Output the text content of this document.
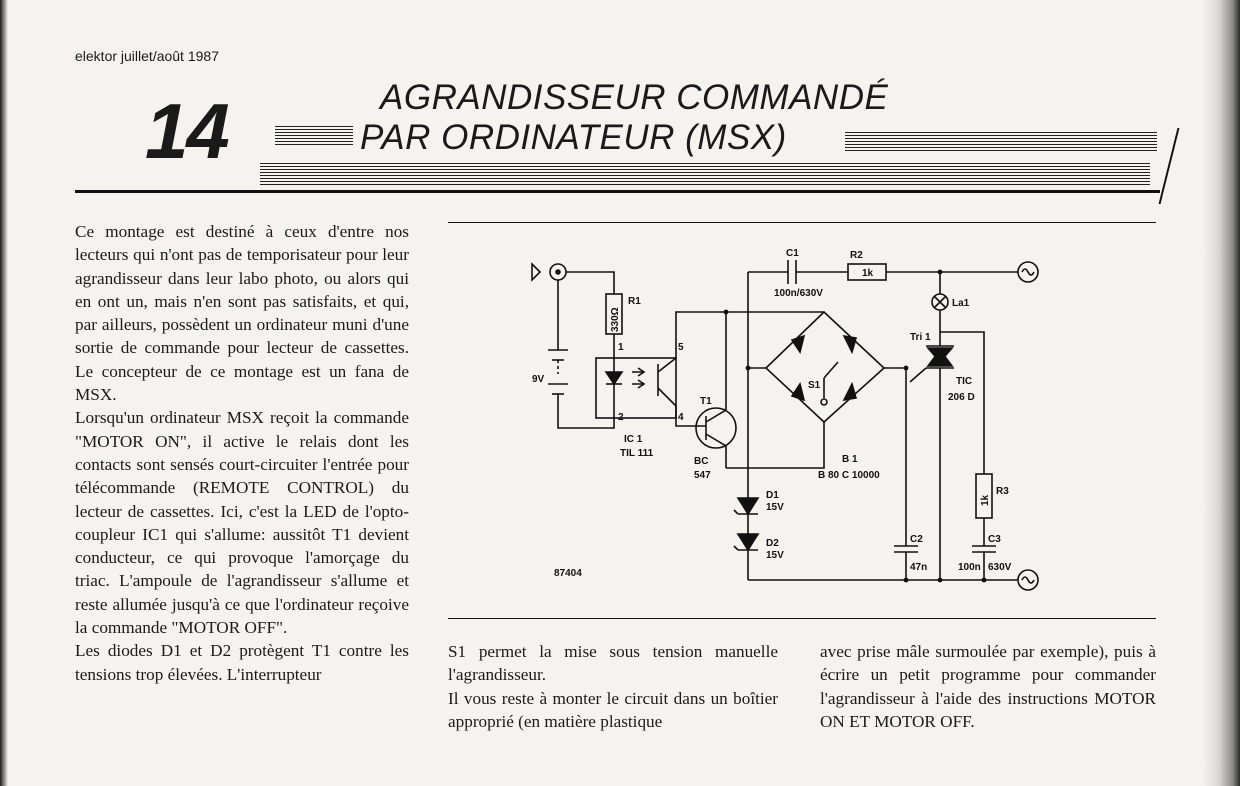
elektor juillet/août 1987
14	AGRANDISSEUR COMMANDÉ
PAR ORDINATEUR (MSX)

Ce montage est destiné à ceux d'entre nos lecteurs qui n'ont pas de temporisateur pour leur agrandisseur dans leur labo photo, ou alors qui en ont un, mais n'en sont pas satisfaits, et qui, par ailleurs, possèdent un ordinateur muni d'une sortie de commande pour lecteur de cassettes. Le concepteur de ce montage est un fana de MSX.

Lorsqu'un ordinateur MSX reçoit la commande "MOTOR ON", il active le relais dont les contacts sont sensés court-circuiter l'entrée pour télécommande (REMOTE CONTROL) du lecteur de cassettes. Ici, c'est la LED de l'opto-coupleur IC1 qui s'allume: aussitôt T1 devient conducteur, ce qui provoque l'amorçage du triac. L'ampoule de l'agrandisseur s'allume et reste allumée jusqu'à ce que l'ordinateur reçoive la commande "MOTOR OFF".

Les diodes D1 et D2 protègent T1 contre les tensions trop élevées. L'interrupteur

9V
R1
330Ω
1
2
5
4
IC 1
TIL 111
T1
BC
547
C1
100n/630V
R2
1k
La1
Tri 1
TIC
206 D
S1
B 1
B 80 C 10000
D1
15V
D2
15V
C2
47n
R3
1k
C3
100n 630V
87404

S1 permet la mise sous tension manuelle l'agrandisseur.

Il vous reste à monter le circuit dans un boîtier approprié (en matière plastique

avec prise mâle surmoulée par exemple), puis à écrire un petit programme pour commander l'agrandisseur à l'aide des instructions MOTOR ON ET MOTOR OFF.
